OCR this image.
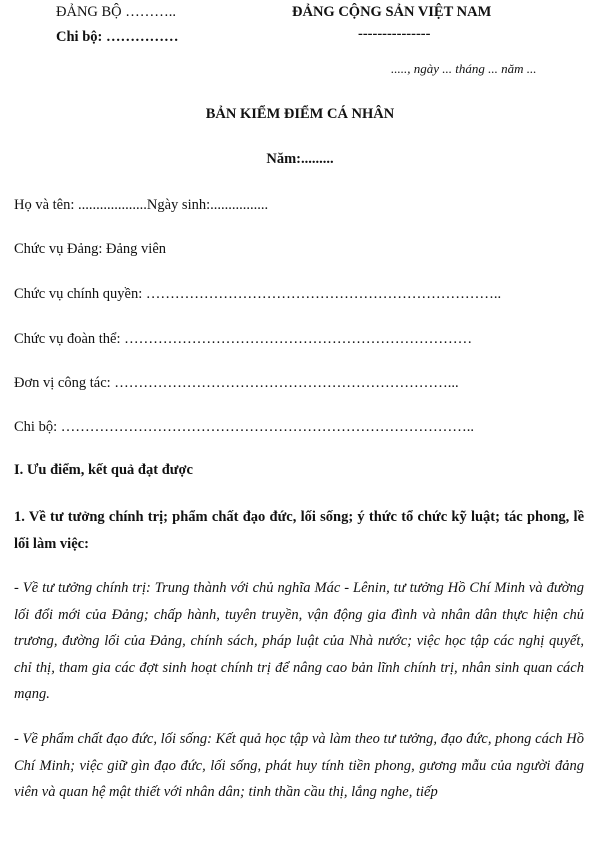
ĐẢNG BỘ ………..
Chi bộ: ……………
ĐẢNG CỘNG SẢN VIỆT NAM
---------------
....., ngày ... tháng ... năm ...
BẢN KIỂM ĐIỂM CÁ NHÂN
Năm:.........
Họ và tên: ...................Ngày sinh:................
Chức vụ Đảng: Đảng viên
Chức vụ chính quyền: ………………………………………………………………..
Chức vụ đoàn thể: ………………………………………………………………
Đơn vị công tác: ……………………………………………………………...
Chi bộ: …………………………………………………………………………..
I. Ưu điểm, kết quả đạt được

1. Về tư tưởng chính trị; phẩm chất đạo đức, lối sống; ý thức tổ chức kỹ luật; tác phong, lề lối làm việc:

- Về tư tưởng chính trị: Trung thành với chủ nghĩa Mác - Lênin, tư tưởng Hồ Chí Minh và đường lối đổi mới của Đảng; chấp hành, tuyên truyền, vận động gia đình và nhân dân thực hiện chủ trương, đường lối của Đảng, chính sách, pháp luật của Nhà nước; việc học tập các nghị quyết, chỉ thị, tham gia các đợt sinh hoạt chính trị để nâng cao bản lĩnh chính trị, nhân sinh quan cách mạng.

- Về phẩm chất đạo đức, lối sống: Kết quả học tập và làm theo tư tưởng, đạo đức, phong cách Hồ Chí Minh; việc giữ gìn đạo đức, lối sống, phát huy tính tiền phong, gương mẫu của người đảng viên và quan hệ mật thiết với nhân dân; tinh thần cầu thị, lắng nghe, tiếp
